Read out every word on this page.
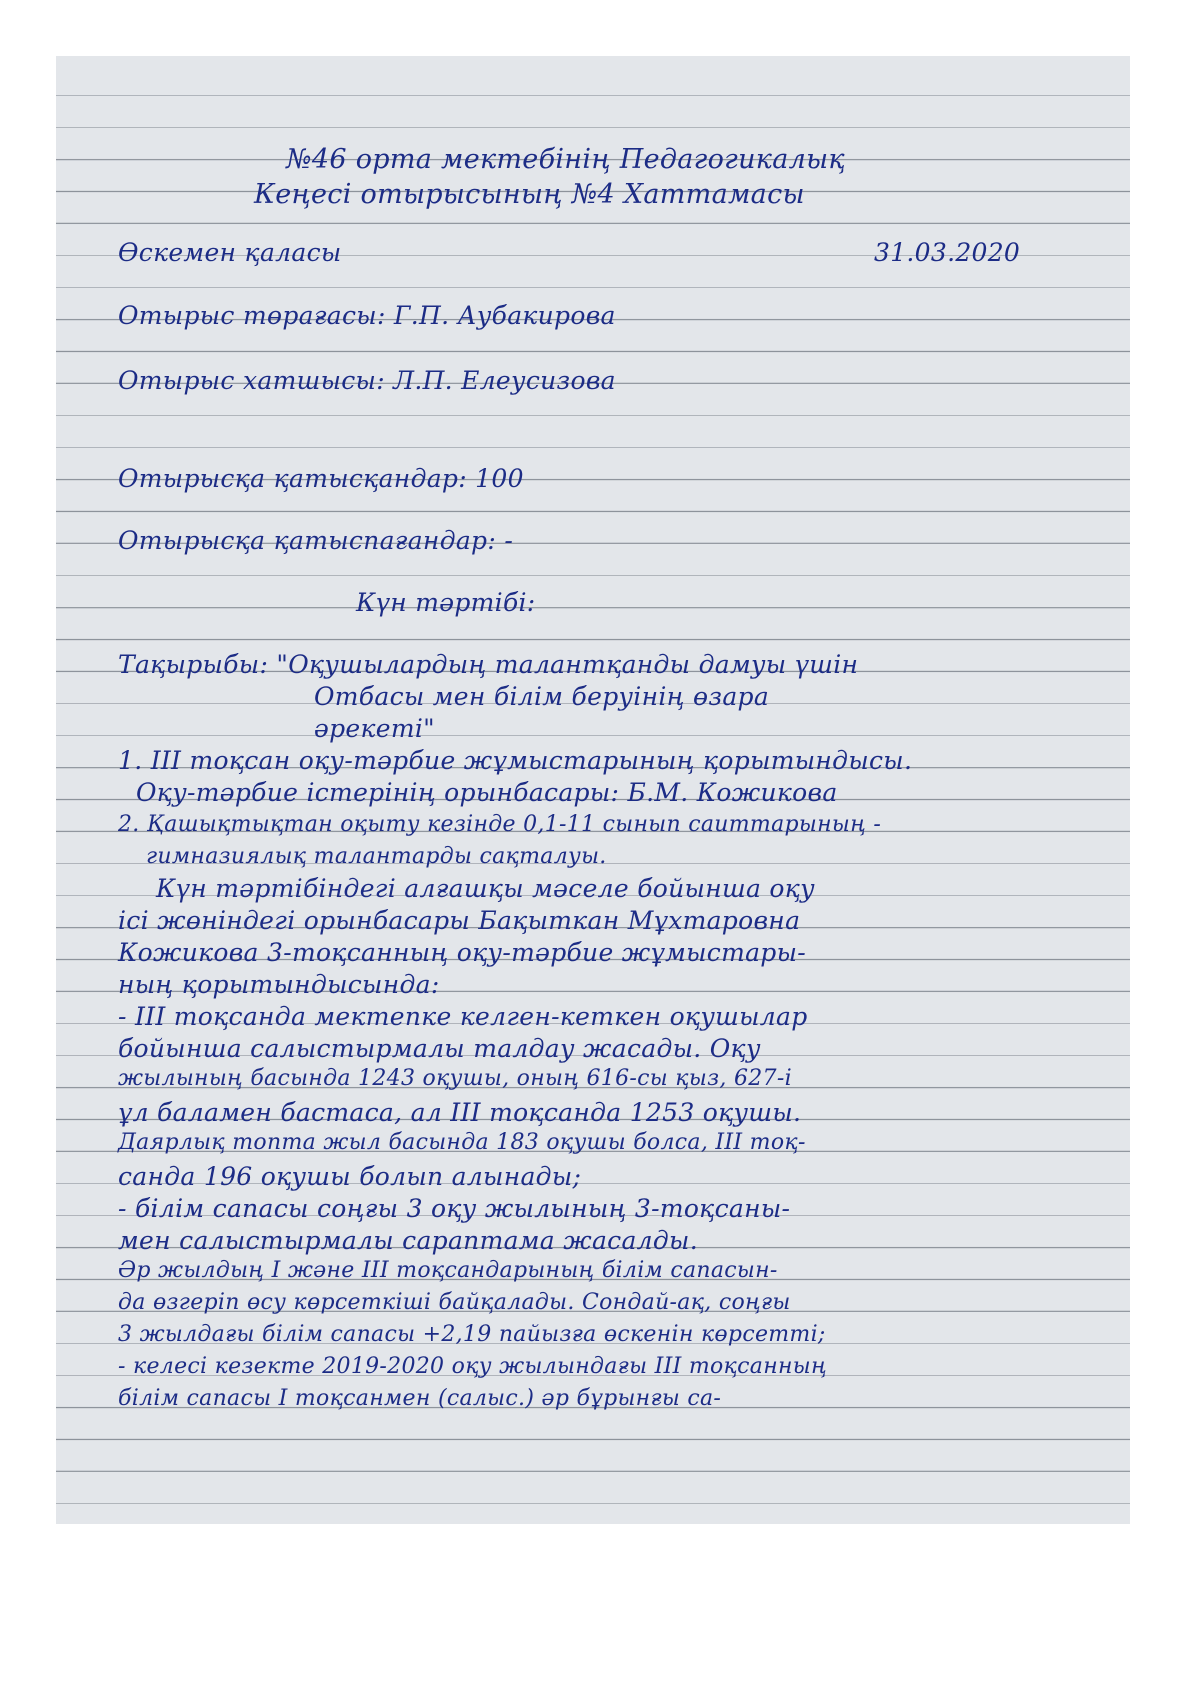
№46 орта мектебінің Педагогикалық
Кеңесі отырысының №4 Хаттамасы
Өскемен қаласы	31.03.2020
Отырыс төрағасы: Г.П. Аубакирова
Отырыс хатшысы: Л.П. Елеусизова
Отырысқа қатысқандар: 100
Отырысқа қатыспағандар: -
Күн тәртібі:
Тақырыбы: "Оқушылардың талантқанды дамуы үшін
Отбасы мен білім беруінің өзара
әрекеті"
1. III тоқсан оқу-тәрбие жұмыстарының қорытындысы.
Оқу-тәрбие істерінің орынбасары: Б.М. Кожикова
2. Қашықтықтан оқыту кезінде 0,1-11 сынып саиттарының -
гимназиялық талантарды сақталуы.
Күн тәртібіндегі алғашқы мәселе бойынша оқу
ісі жөніндегі орынбасары Бақыткан Мұхтаровна
Кожикова 3-тоқсанның оқу-тәрбие жұмыстары-
ның қорытындысында:
- III тоқсанда мектепке келген-кеткен оқушылар
бойынша салыстырмалы талдау жасады. Оқу
жылының басында 1243 оқушы, оның 616-сы қыз, 627-і
ұл баламен бастаса, ал III тоқсанда 1253 оқушы.
Даярлық топта жыл басында 183 оқушы болса, III тоқ-
санда 196 оқушы болып алынады;
- білім сапасы соңғы 3 оқу жылының 3-тоқсаны-
мен салыстырмалы сараптама жасалды.
Әр жылдың I және III тоқсандарының білім сапасын-
да өзгеріп өсу көрсеткіші байқалады. Сондай-ақ, соңғы
3 жылдағы білім сапасы +2,19 пайызға өскенін көрсетті;
- келесі кезекте 2019-2020 оқу жылындағы III тоқсанның
білім сапасы I тоқсанмен (салыс.) әр бұрынғы са-
